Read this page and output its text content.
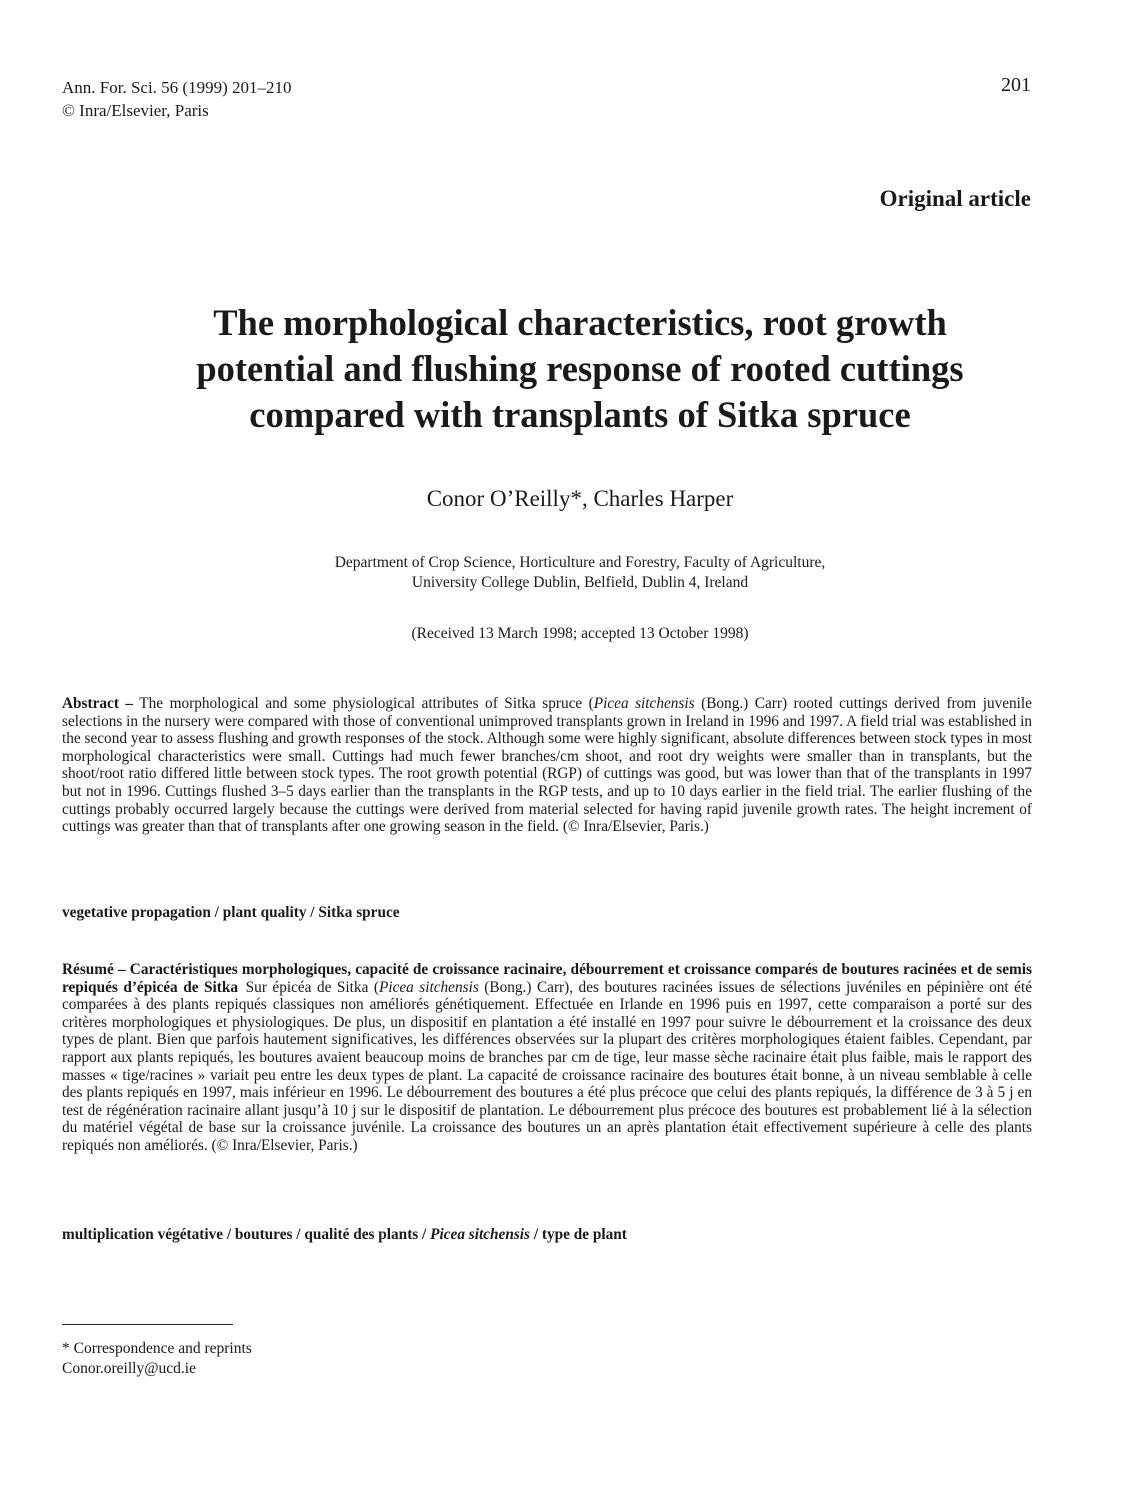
Ann. For. Sci. 56 (1999) 201–210
© Inra/Elsevier, Paris
201
Original article
The morphological characteristics, root growth
potential and flushing response of rooted cuttings
compared with transplants of Sitka spruce
Conor O’Reilly*, Charles Harper
Department of Crop Science, Horticulture and Forestry, Faculty of Agriculture,
University College Dublin, Belfield, Dublin 4, Ireland
(Received 13 March 1998; accepted 13 October 1998)
Abstract – The morphological and some physiological attributes of Sitka spruce (Picea sitchensis (Bong.) Carr) rooted cuttings derived from juvenile selections in the nursery were compared with those of conventional unimproved transplants grown in Ireland in 1996 and 1997. A field trial was established in the second year to assess flushing and growth responses of the stock. Although some were highly significant, absolute differences between stock types in most morphological characteristics were small. Cuttings had much fewer branches/cm shoot, and root dry weights were smaller than in transplants, but the shoot/root ratio differed little between stock types. The root growth potential (RGP) of cuttings was good, but was lower than that of the transplants in 1997 but not in 1996. Cuttings flushed 3–5 days earlier than the transplants in the RGP tests, and up to 10 days earlier in the field trial. The earlier flushing of the cuttings probably occurred largely because the cuttings were derived from material selected for having rapid juvenile growth rates. The height increment of cuttings was greater than that of transplants after one growing season in the field. (© Inra/Elsevier, Paris.)
vegetative propagation / plant quality / Sitka spruce
Résumé – Caractéristiques morphologiques, capacité de croissance racinaire, débourrement et croissance comparés de boutures racinées et de semis repiqués d’épicéa de Sitka Sur épicéa de Sitka (Picea sitchensis (Bong.) Carr), des boutures racinées issues de sélections juvéniles en pépinière ont été comparées à des plants repiqués classiques non améliorés génétiquement. Effectuée en Irlande en 1996 puis en 1997, cette comparaison a porté sur des critères morphologiques et physiologiques. De plus, un dispositif en plantation a été installé en 1997 pour suivre le débourrement et la croissance des deux types de plant. Bien que parfois hautement significatives, les différences observées sur la plupart des critères morphologiques étaient faibles. Cependant, par rapport aux plants repiqués, les boutures avaient beaucoup moins de branches par cm de tige, leur masse sèche racinaire était plus faible, mais le rapport des masses « tige/racines » variait peu entre les deux types de plant. La capacité de croissance racinaire des boutures était bonne, à un niveau semblable à celle des plants repiqués en 1997, mais inférieur en 1996. Le débourrement des boutures a été plus précoce que celui des plants repiqués, la différence de 3 à 5 j en test de régénération racinaire allant jusqu’à 10 j sur le dispositif de plantation. Le débourrement plus précoce des boutures est probablement lié à la sélection du matériel végétal de base sur la croissance juvénile. La croissance des boutures un an après plantation était effectivement supérieure à celle des plants repiqués non améliorés. (© Inra/Elsevier, Paris.)
multiplication végétative / boutures / qualité des plants / Picea sitchensis / type de plant
* Correspondence and reprints
Conor.oreilly@ucd.ie
